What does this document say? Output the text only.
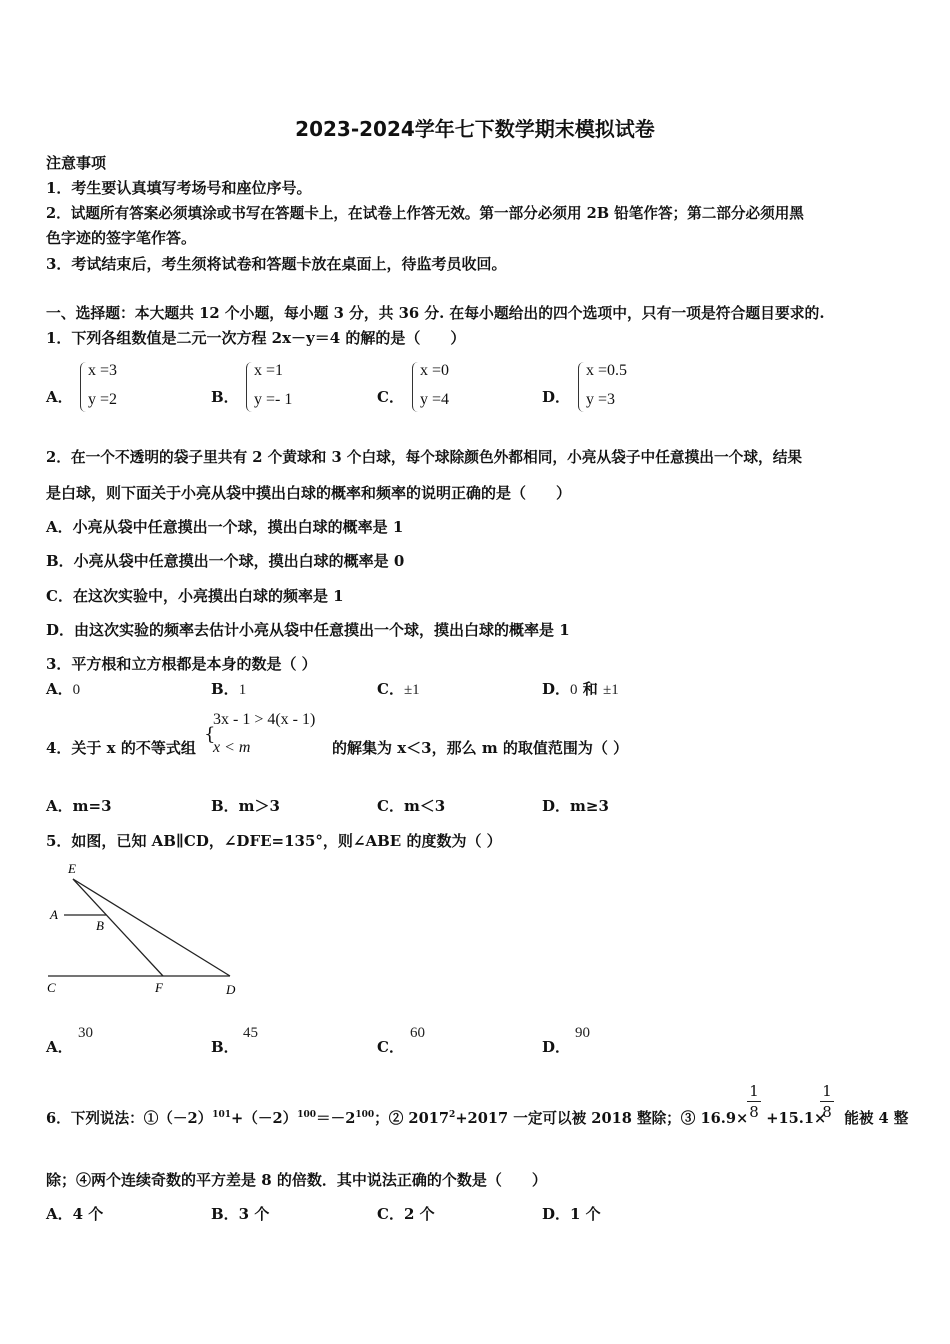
2023-2024学年七下数学期末模拟试卷
注意事项
1．考生要认真填写考场号和座位序号。
2．试题所有答案必须填涂或书写在答题卡上，在试卷上作答无效。第一部分必须用 2B 铅笔作答；第二部分必须用黑
色字迹的签字笔作答。
3．考试结束后，考生须将试卷和答题卡放在桌面上，待监考员收回。
一、选择题：本大题共 12 个小题，每小题 3 分，共 36 分. 在每小题给出的四个选项中，只有一项是符合题目要求的.
1．下列各组数值是二元一次方程 2x－y＝4 的解的是（　　）
A．
x =3
y =2	B．
x =1
y =- 1	C．
x =0
y =4	D．
x =0.5
y =3
2．在一个不透明的袋子里共有 2 个黄球和 3 个白球，每个球除颜色外都相同，小亮从袋子中任意摸出一个球，结果
是白球，则下面关于小亮从袋中摸出白球的概率和频率的说明正确的是（　　）
A．小亮从袋中任意摸出一个球，摸出白球的概率是 1
B．小亮从袋中任意摸出一个球，摸出白球的概率是 0
C．在这次实验中，小亮摸出白球的频率是 1
D．由这次实验的频率去估计小亮从袋中任意摸出一个球，摸出白球的概率是 1
3．平方根和立方根都是本身的数是（ ）
A．0	B．1	C．±1	D．0 和 ±1
4．关于 x 的不等式组
{
3x - 1 > 4(x - 1)
x < m	的解集为 x＜3，那么 m 的取值范围为（ ）
A．m=3	B．m＞3	C．m＜3	D．m≥3
5．如图，已知 AB∥CD，∠DFE=135°，则∠ABE 的度数为（ ）
E
A
B
C	F	D
A．
30
B．
45
C．
60
D．
90
6．下列说法：$①(-2)^{101}+(-2)^{100}=-2^{100}$；② $2017^2+2017$ 一定可以被 2018 整除；③ 16.9× +15.1× 能被 4 整
$\frac{1}{8}$	$\frac{1}{8}$
除；④两个连续奇数的平方差是 8 的倍数．其中说法正确的个数是（　　）
A．4 个	B．3 个	C．2 个	D．1 个
